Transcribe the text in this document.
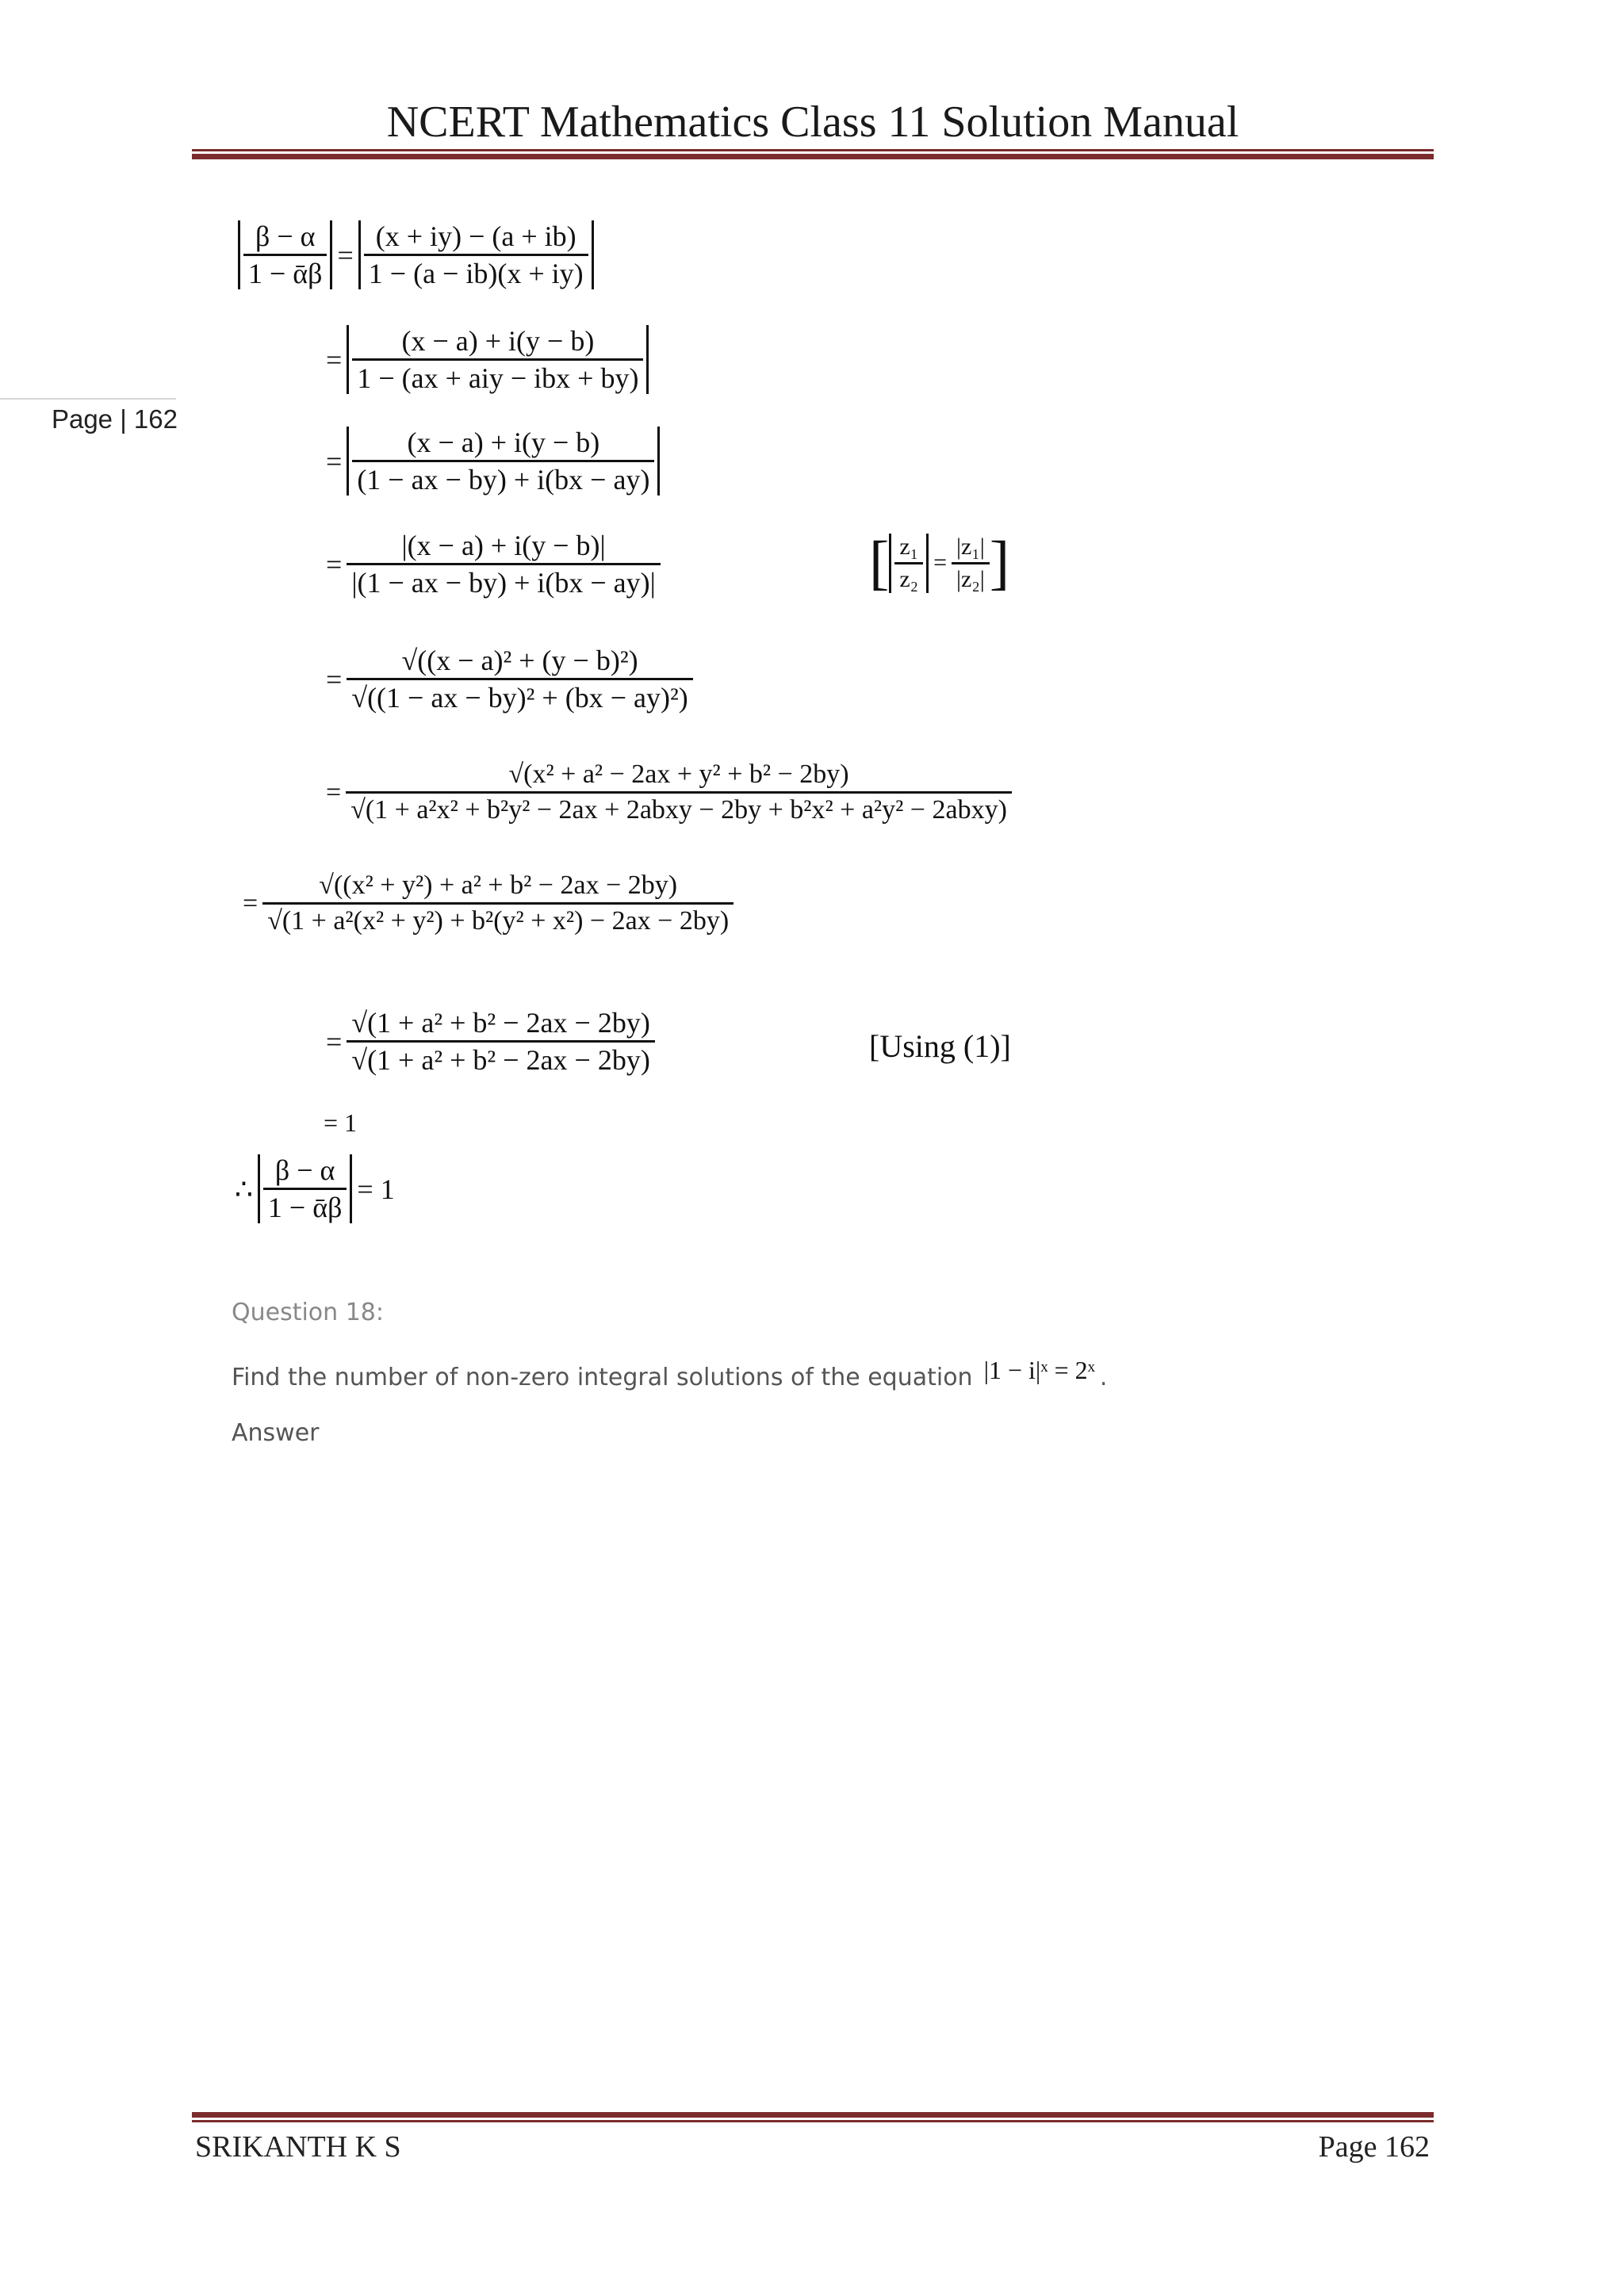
NCERT Mathematics Class 11 Solution Manual
Page | 162
$\frac{\beta - \alpha}{\text{1 − ᾱβ}} = \frac{(x + iy) - (a + ib)}{1 - (a - ib)(x + iy)}$
= $\frac{(x - a) + i(y - b)}{\text{1 − (ax + aiy − ibx + by)}}$
= $\frac{(x - a) + i(y - b)}{(1 - ax - by) + i(bx - ay)}$
= $\frac{|(x - a) + i(y - b)|}{|(1 - ax - by) + i(bx - ay)|}$	[ $\frac{\text{z₁}}{\text{z₂}} = \frac{\text{|z₁|}}{\text{|z₂|}}$ ]
= $\frac{\text{√((x − a)² + (y − b)²)}}{\text{√((1 − ax − by)² + (bx − ay)²)}}$
= $\frac{\text{√(x² + a² − 2ax + y² + b² − 2by)}}{\text{√(1 + a²x² + b²y² − 2ax + 2abxy − 2by + b²x² + a²y² − 2abxy)}}$
= $\frac{\text{√((x² + y²) + a² + b² − 2ax − 2by)}}{\text{√(1 + a²(x² + y²) + b²(y² + x²) − 2ax − 2by)}}$
= $\frac{\text{√(1 + a² + b² − 2ax − 2by)}}{\text{√(1 + a² + b² − 2ax − 2by)}}$	[Using (1)]
= 1
∴ $\frac{\beta - \alpha}{\text{1 − ᾱβ}} = 1$
Question 18:
Find the number of non-zero integral solutions of the equation |1 − i|ˣ = 2ˣ .
Answer
SRIKANTH K S	Page 162
